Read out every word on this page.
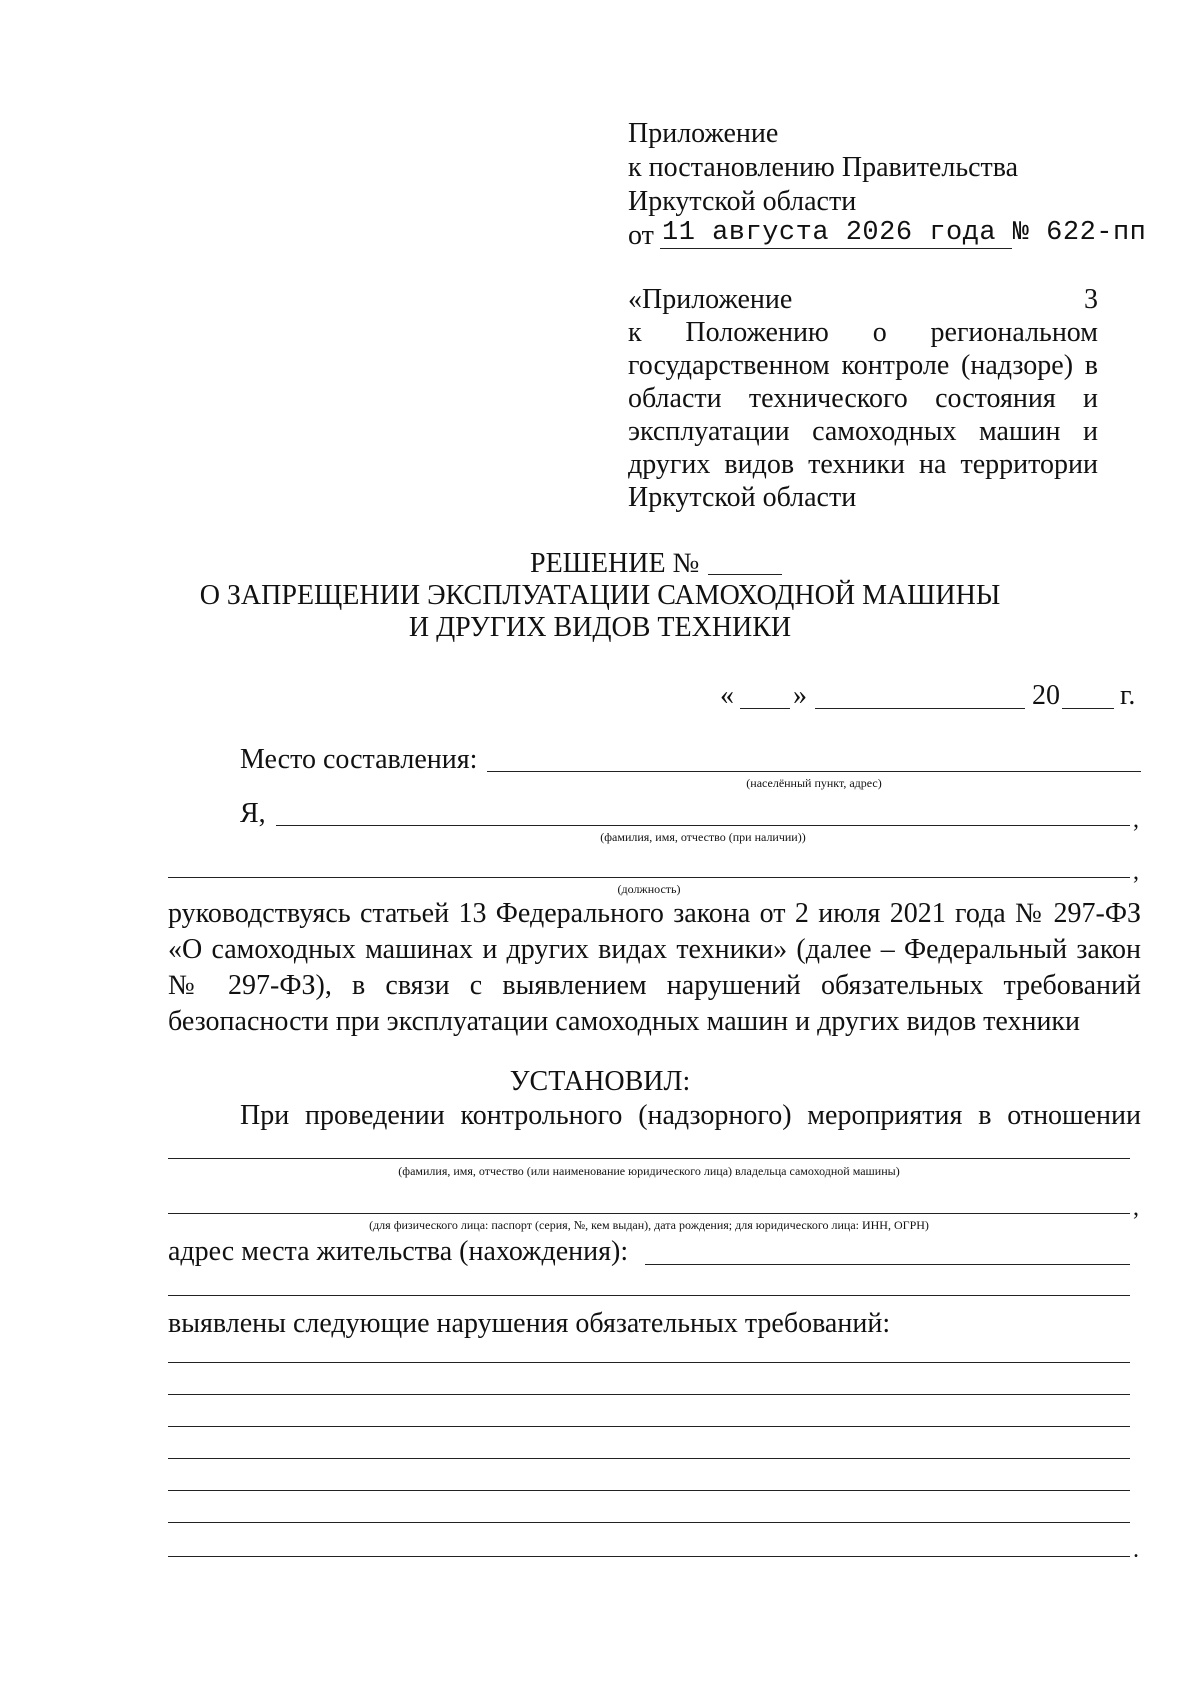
Приложение
к постановлению Правительства
Иркутской области
от 11 августа 2026 года № 622-пп
«Приложение 3
к Положению о региональном
государственном контроле (надзоре) в
области технического состояния и
эксплуатации самоходных машин и
других видов техники на территории
Иркутской области
РЕШЕНИЕ №
О ЗАПРЕЩЕНИИ ЭКСПЛУАТАЦИИ САМОХОДНОЙ МАШИНЫ
И ДРУГИХ ВИДОВ ТЕХНИКИ
« »	20 г.
Место составления:
(населённый пункт, адрес)
Я,	,
(фамилия, имя, отчество (при наличии))
,
(должность)
руководствуясь статьей 13 Федерального закона от 2 июля 2021 года № 297-ФЗ
«О самоходных машинах и других видах техники» (далее – Федеральный закон
№ 297-ФЗ), в связи с выявлением нарушений обязательных требований
безопасности при эксплуатации самоходных машин и других видов техники
УСТАНОВИЛ:
При проведении контрольного (надзорного) мероприятия в отношении
(фамилия, имя, отчество (или наименование юридического лица) владельца самоходной машины)
,
(для физического лица: паспорт (серия, №, кем выдан), дата рождения; для юридического лица: ИНН, ОГРН)
адрес места жительства (нахождения):
выявлены следующие нарушения обязательных требований:
.
